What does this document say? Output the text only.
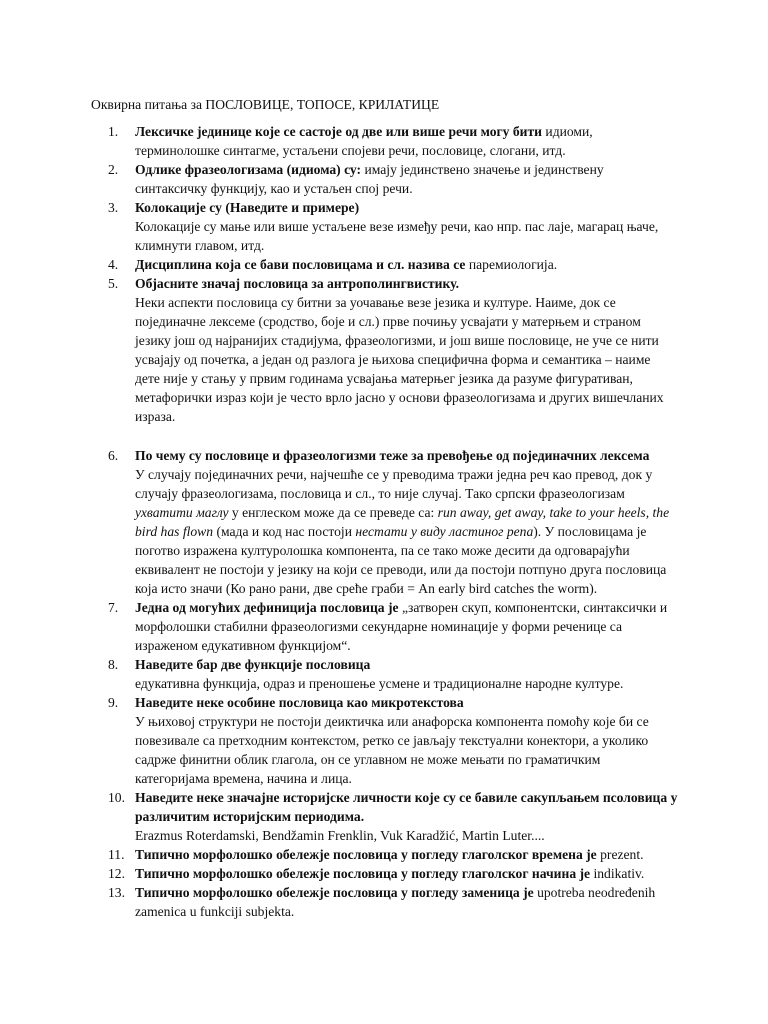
Оквирна питања за ПОСЛОВИЦЕ, ТОПОСЕ, КРИЛАТИЦЕ
1.	Лексичке јединице које се састоје од две или више речи могу бити идиоми, терминолошке синтагме, устаљени спојеви речи, пословице, слогани, итд.
2.	Одлике фразеологизама (идиома) су: имају јединствено значење и јединствену синтаксичку функцију, као и устаљен спој речи.
3.	Колокације су (Наведите и примере)
Колокације су мање или више устаљене везе између речи, као нпр. пас лаје, магарац њаче, климнути главом, итд.
4.	Дисциплина која се бави пословицама и сл. назива се паремиологија.
5.	Објасните значај пословица за антрополингвистику.
Неки аспекти пословица су битни за уочавање везе језика и културе. Наиме, док се појединачне лексеме (сродство, боје и сл.) прве почињу усвајати у матерњем и страном језику још од најранијих стадијума, фразеологизми, и још више пословице, не уче се нити усвајају од почетка, а један од разлога је њихова специфична форма и семантика – наиме дете није у стању у првим годинама усвајања матерњег језика да разуме фигуративан, метафорички израз који је често врло јасно у основи фразеологизама и других вишечланих израза.
6.	По чему су пословице и фразеологизми теже за превођење од појединачних лексема
У случају појединачних речи, најчешће се у преводима тражи једна реч као превод, док у случају фразеологизама, пословица и сл., то није случај. Тако српски фразеологизам ухватити маглу у енглеском може да се преведе са: run away, get away, take to your heels, the bird has flown (мада и код нас постоји нестати у виду ластиног репа). У пословицама је поготво изражена културолошка компонента, па се тако може десити да одговарајући еквивалент не постоји у језику на који се преводи, или да постоји потпуно друга пословица која исто значи (Ко рано рани, две среће граби = An early bird catches the worm).
7.	Једна од могућих дефиниција пословица је „затворен скуп, компонентски, синтаксички и морфолошки стабилни фразеологизми секундарне номинације у форми реченице са израженом едукативном функцијом“.
8.	Наведите бар две функције пословица
едукативна функција, одраз и преношење усмене и традиционалне народне културе.
9.	Наведите неке особине пословица као микротекстова
У њиховој структури не постоји деиктичка или анафорска компонента помоћу које би се повезивале са претходним контекстом, ретко се јављају текстуални конектори, а уколико садрже финитни облик глагола, он се углавном не може мењати по граматичким категоријама времена, начина и лица.
10. Наведите неке значајне историјске личности које су се бавиле сакупљањем псоловица у различитим историјским периодима.
Erazmus Roterdamski, Bendžamin Frenklin, Vuk Karadžić, Martin Luter....
11. Типично морфолошко обележје пословица у погледу глаголског времена је prezent.
12. Типично морфолошко обележје пословица у погледу глаголског начина је indikativ.
13. Типично морфолошко обележје пословица у погледу заменица је upotreba neodređenih zamenica u funkciji subjekta.
